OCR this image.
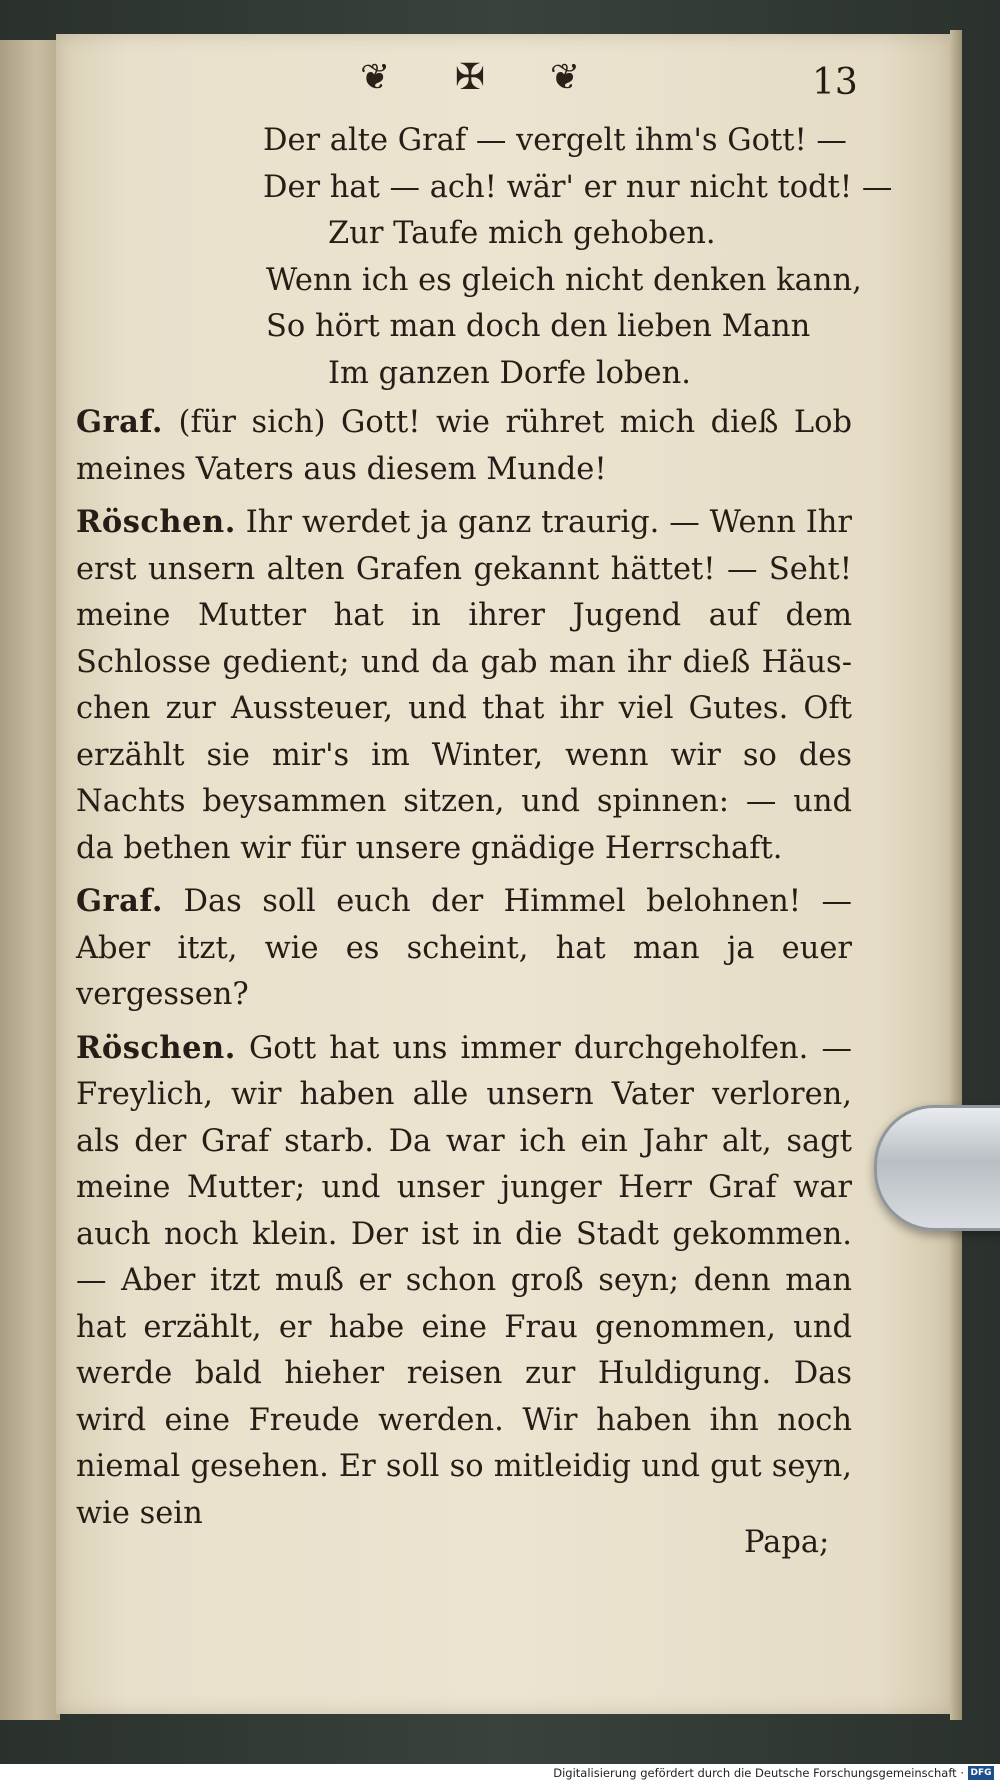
❦ ✠ ❦	13

Der alte Graf — vergelt ihm's Gott! —

Der hat — ach! wär' er nur nicht todt! —

Zur Taufe mich gehoben.

Wenn ich es gleich nicht denken kann,

So hört man doch den lieben Mann

Im ganzen Dorfe loben.

Graf. (für sich) Gott! wie rühret mich dieß Lob meines Vaters aus diesem Munde!

Röschen. Ihr werdet ja ganz traurig. — Wenn Ihr erst unsern alten Grafen gekannt hättet! — Seht! meine Mutter hat in ihrer Jugend auf dem Schlosse gedient; und da gab man ihr dieß Häus-chen zur Aussteuer, und that ihr viel Gutes. Oft erzählt sie mir's im Winter, wenn wir so des Nachts beysammen sitzen, und spinnen: — und da bethen wir für unsere gnädige Herrschaft.

Graf. Das soll euch der Himmel belohnen! — Aber itzt, wie es scheint, hat man ja euer vergessen?

Röschen. Gott hat uns immer durchgeholfen. — Freylich, wir haben alle unsern Vater verloren, als der Graf starb. Da war ich ein Jahr alt, sagt meine Mutter; und unser junger Herr Graf war auch noch klein. Der ist in die Stadt gekommen. — Aber itzt muß er schon groß seyn; denn man hat erzählt, er habe eine Frau genommen, und werde bald hieher reisen zur Huldigung. Das wird eine Freude werden. Wir haben ihn noch niemal gesehen. Er soll so mitleidig und gut seyn, wie sein

Papa;
Digitalisierung gefördert durch die Deutsche Forschungsgemeinschaft · DFG
